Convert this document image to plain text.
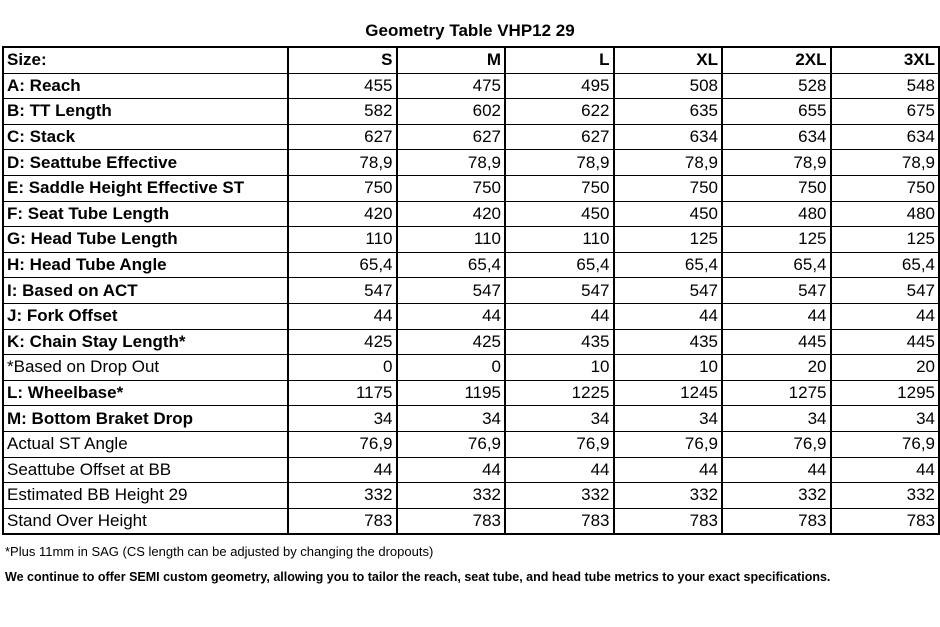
Geometry Table VHP12 29
Size:	S	M	L	XL	2XL	3XL
A: Reach	455	475	495	508	528	548
B: TT Length	582	602	622	635	655	675
C: Stack	627	627	627	634	634	634
D: Seattube Effective	78,9	78,9	78,9	78,9	78,9	78,9
E: Saddle Height Effective ST	750	750	750	750	750	750
F: Seat Tube Length	420	420	450	450	480	480
G: Head Tube Length	110	110	110	125	125	125
H: Head Tube Angle	65,4	65,4	65,4	65,4	65,4	65,4
I: Based on ACT	547	547	547	547	547	547
J: Fork Offset	44	44	44	44	44	44
K: Chain Stay Length*	425	425	435	435	445	445
*Based on Drop Out	0	0	10	10	20	20
L: Wheelbase*	1175	1195	1225	1245	1275	1295
M: Bottom Braket Drop	34	34	34	34	34	34
Actual ST Angle	76,9	76,9	76,9	76,9	76,9	76,9
Seattube Offset at BB	44	44	44	44	44	44
Estimated BB Height 29	332	332	332	332	332	332
Stand Over Height	783	783	783	783	783	783
*Plus 11mm in SAG (CS length can be adjusted by changing the dropouts)
We continue to offer SEMI custom geometry, allowing you to tailor the reach, seat tube, and head tube metrics to your exact specifications.
